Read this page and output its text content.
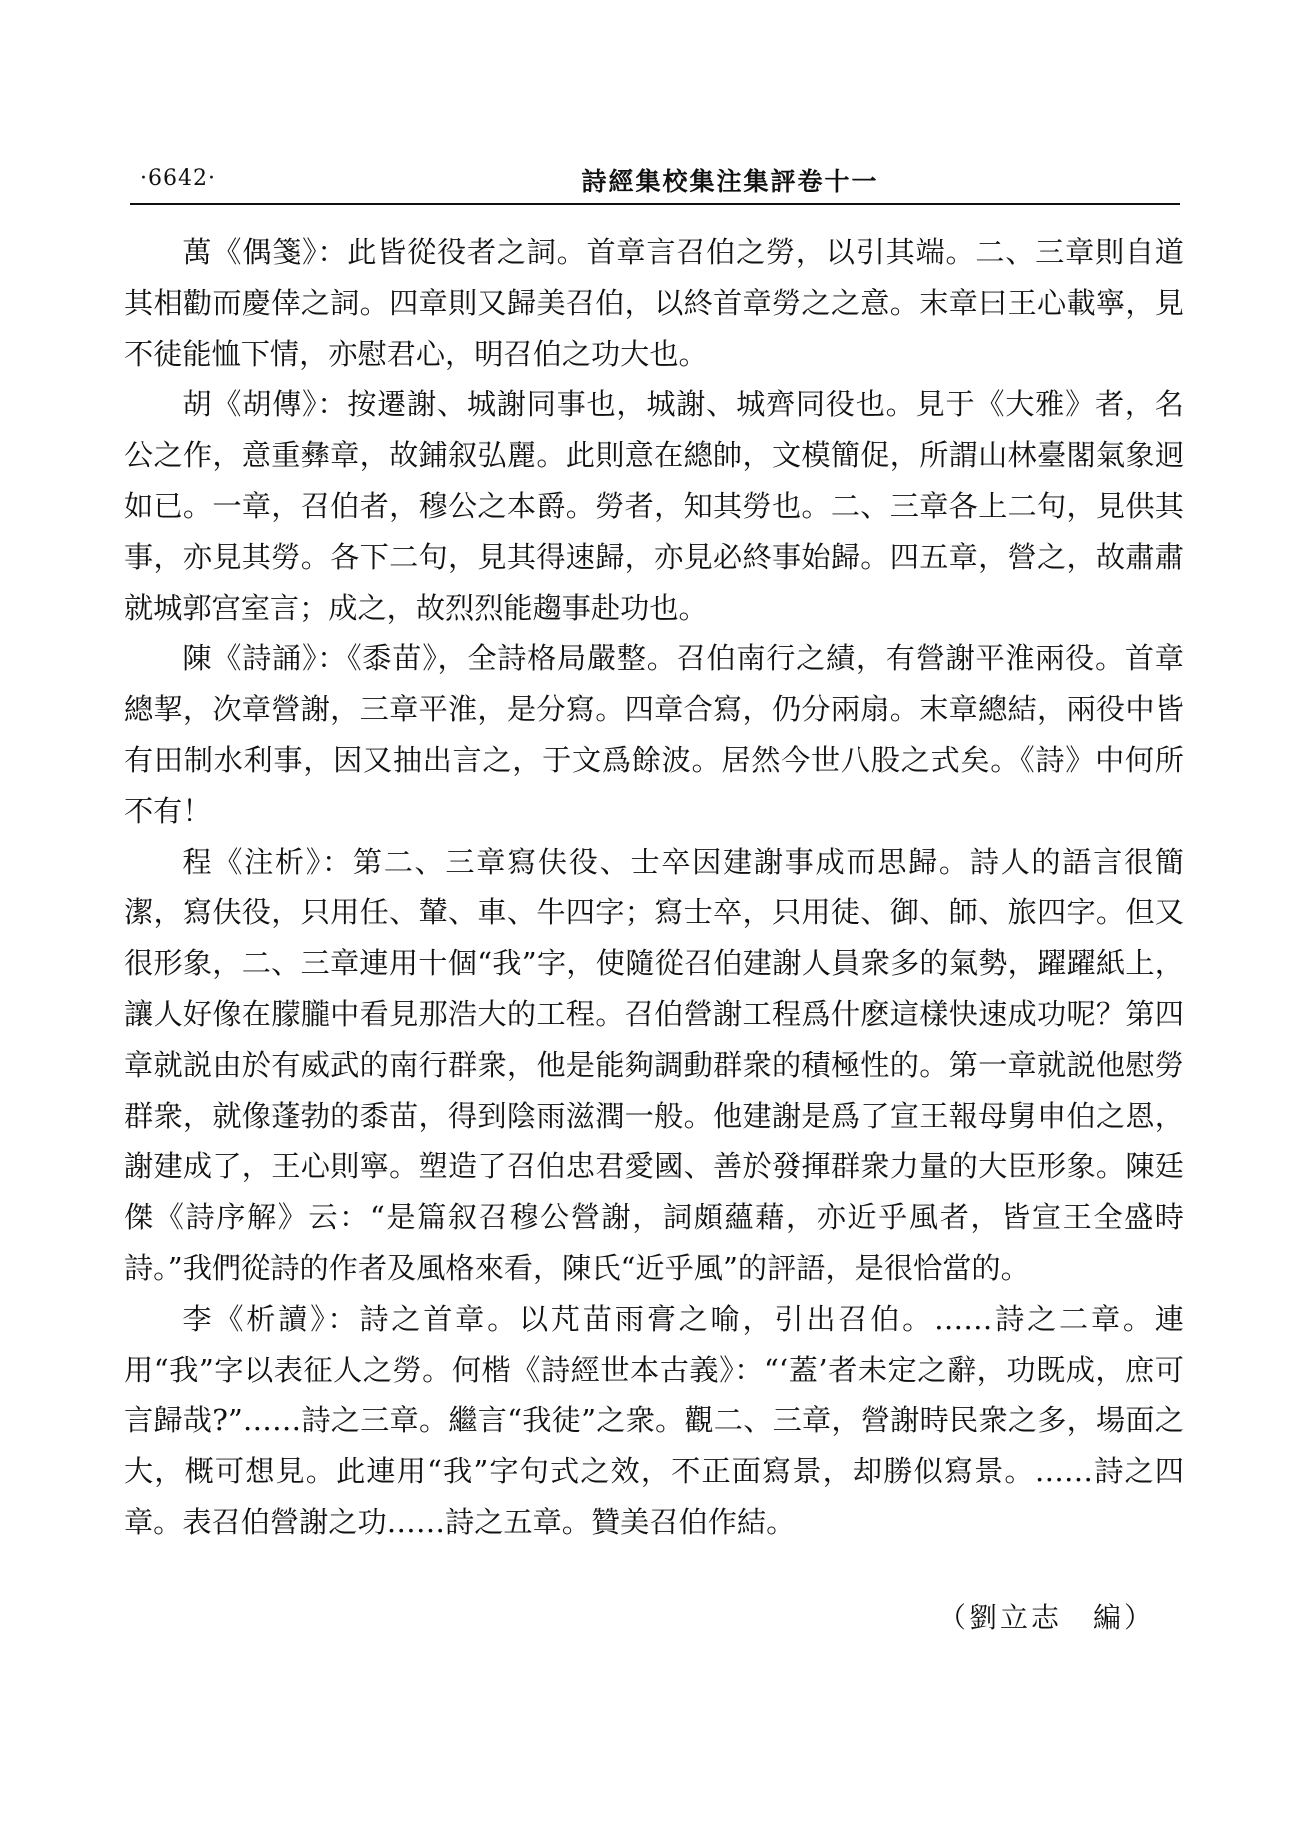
·6642·	詩經集校集注集評卷十一

萬《偶箋》：此皆從役者之詞。首章言召伯之勞，以引其端。二、三章則自道其相勸而慶倖之詞。四章則又歸美召伯，以終首章勞之之意。末章曰王心載寧，見不徒能恤下情，亦慰君心，明召伯之功大也。

胡《胡傳》：按遷謝、城謝同事也，城謝、城齊同役也。見于《大雅》者，名公之作，意重彝章，故鋪叙弘麗。此則意在總帥，文模簡促，所謂山林臺閣氣象迥如已。一章，召伯者，穆公之本爵。勞者，知其勞也。二、三章各上二句，見供其事，亦見其勞。各下二句，見其得速歸，亦見必終事始歸。四五章，營之，故肅肅就城郭宫室言；成之，故烈烈能趨事赴功也。

陳《詩誦》：《黍苗》，全詩格局嚴整。召伯南行之績，有營謝平淮兩役。首章總挈，次章營謝，三章平淮，是分寫。四章合寫，仍分兩扇。末章總結，兩役中皆有田制水利事，因又抽出言之，于文爲餘波。居然今世八股之式矣。《詩》中何所不有！

程《注析》：第二、三章寫伕役、士卒因建謝事成而思歸。詩人的語言很簡潔，寫伕役，只用任、輦、車、牛四字；寫士卒，只用徒、御、師、旅四字。但又很形象，二、三章連用十個“我”字，使隨從召伯建謝人員衆多的氣勢，躍躍紙上，讓人好像在朦朧中看見那浩大的工程。召伯營謝工程爲什麽這樣快速成功呢？第四章就説由於有威武的南行群衆，他是能夠調動群衆的積極性的。第一章就説他慰勞群衆，就像蓬勃的黍苗，得到陰雨滋潤一般。他建謝是爲了宣王報母舅申伯之恩，謝建成了，王心則寧。塑造了召伯忠君愛國、善於發揮群衆力量的大臣形象。陳廷傑《詩序解》云：“是篇叙召穆公營謝，詞頗蘊藉，亦近乎風者，皆宣王全盛時詩。”我們從詩的作者及風格來看，陳氏“近乎風”的評語，是很恰當的。

李《析讀》：詩之首章。以芃苗雨膏之喻，引出召伯。……詩之二章。連用“我”字以表征人之勞。何楷《詩經世本古義》：“‘蓋’者未定之辭，功既成，庶可言歸哉?”……詩之三章。繼言“我徒”之衆。觀二、三章，營謝時民衆之多，場面之大，概可想見。此連用“我”字句式之效，不正面寫景，却勝似寫景。……詩之四章。表召伯營謝之功……詩之五章。贊美召伯作結。

（劉立志　編）
